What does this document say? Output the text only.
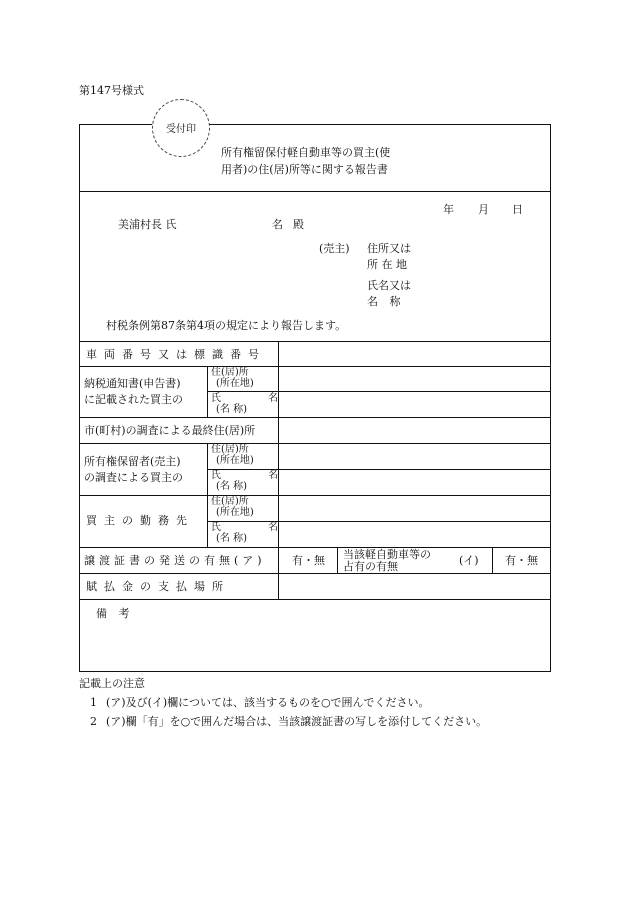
第147号様式
受付印
所有権留保付軽自動車等の買主(使
用者)の住(居)所等に関する報告書
年 月 日
美浦村長 氏	名 殿
(売主) 住所又は
所 在 地
氏名又は
名 称
村税条例第87条第4項の規定により報告します。
車両番号又は標識番号
納税通知書(申告書)
に記載された買主の
住(居)所
(所在地)
氏 名
(名 称)
市(町村)の調査による最終住(居)所
所有権保留者(売主)
の調査による買主の
住(居)所
(所在地)
氏 名
(名 称)
買主の勤務先
住(居)所
(所在地)
氏 名
(名 称)
譲渡証書の発送の有無(ア) 有・無 当該軽自動車等の
占有の有無	(イ) 有・無
賦払金の支払場所
備 考
記載上の注意
1 (ア)及び(イ)欄については、該当するものを○で囲んでください。
2 (ア)欄「有」を○で囲んだ場合は、当該譲渡証書の写しを添付してください。
